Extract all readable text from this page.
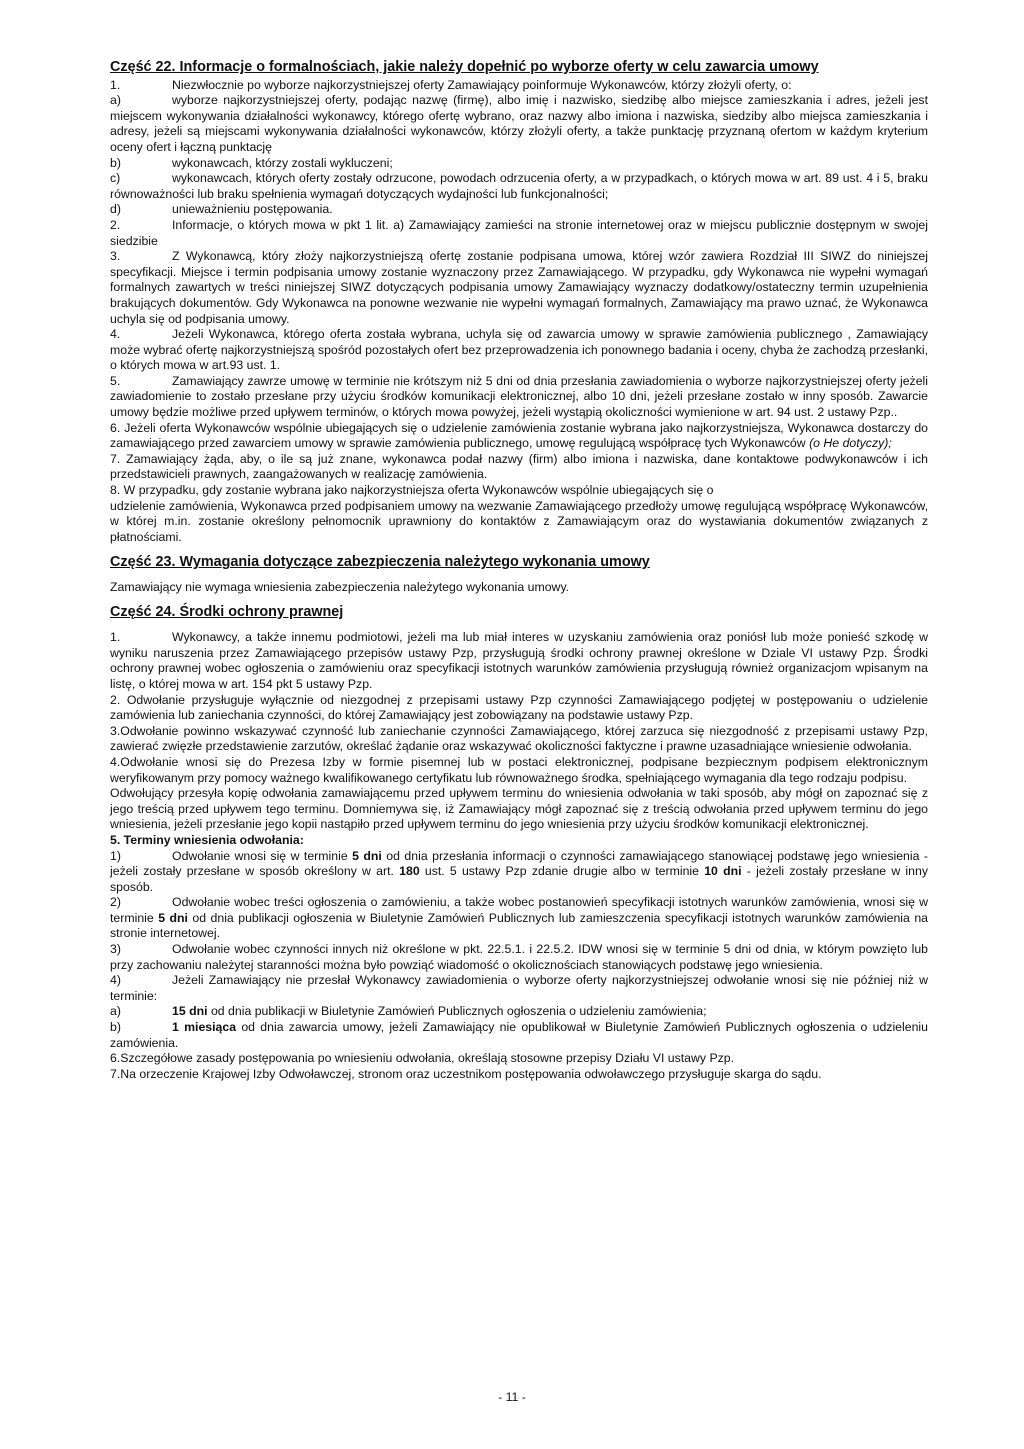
Część 22. Informacje o formalnościach, jakie należy dopełnić po wyborze oferty w celu zawarcia umowy
1.	Niezwłocznie po wyborze najkorzystniejszej oferty Zamawiający poinformuje Wykonawców, którzy złożyli oferty, o:

a)	wyborze najkorzystniejszej oferty, podając nazwę (firmę), albo imię i nazwisko, siedzibę albo miejsce zamieszkania i adres, jeżeli jest miejscem wykonywania działalności wykonawcy, którego ofertę wybrano, oraz nazwy albo imiona i nazwiska, siedziby albo miejsca zamieszkania i adresy, jeżeli są miejscami wykonywania działalności wykonawców, którzy złożyli oferty, a także punktację przyznaną ofertom w każdym kryterium oceny ofert i łączną punktację

b)	wykonawcach, którzy zostali wykluczeni;

c)	wykonawcach, których oferty zostały odrzucone, powodach odrzucenia oferty, a w przypadkach, o których mowa w art. 89 ust. 4 i 5, braku równoważności lub braku spełnienia wymagań dotyczących wydajności lub funkcjonalności;

d)	unieważnieniu postępowania.

2.	Informacje, o których mowa w pkt 1 lit. a) Zamawiający zamieści na stronie internetowej oraz w miejscu publicznie dostępnym w swojej siedzibie

3.	Z Wykonawcą, który złoży najkorzystniejszą ofertę zostanie podpisana umowa, której wzór zawiera Rozdział III SIWZ do niniejszej specyfikacji. Miejsce i termin podpisania umowy zostanie wyznaczony przez Zamawiającego. W przypadku, gdy Wykonawca nie wypełni wymagań formalnych zawartych w treści niniejszej SIWZ dotyczących podpisania umowy Zamawiający wyznaczy dodatkowy/ostateczny termin uzupełnienia brakujących dokumentów. Gdy Wykonawca na ponowne wezwanie nie wypełni wymagań formalnych, Zamawiający ma prawo uznać, że Wykonawca uchyla się od podpisania umowy.

4.	Jeżeli Wykonawca, którego oferta została wybrana, uchyla się od zawarcia umowy w sprawie zamówienia publicznego , Zamawiający może wybrać ofertę najkorzystniejszą spośród pozostałych ofert bez przeprowadzenia ich ponownego badania i oceny, chyba że zachodzą przesłanki, o których mowa w art.93 ust. 1.

5.	Zamawiający zawrze umowę w terminie nie krótszym niż 5 dni od dnia przesłania zawiadomienia o wyborze najkorzystniejszej oferty jeżeli zawiadomienie to zostało przesłane przy użyciu środków komunikacji elektronicznej, albo 10 dni, jeżeli przesłane zostało w inny sposób. Zawarcie umowy będzie możliwe przed upływem terminów, o których mowa powyżej, jeżeli wystąpią okoliczności wymienione w art. 94 ust. 2 ustawy Pzp..

6. Jeżeli oferta Wykonawców wspólnie ubiegających się o udzielenie zamówienia zostanie wybrana jako najkorzystniejsza, Wykonawca dostarczy do zamawiającego przed zawarciem umowy w sprawie zamówienia publicznego, umowę regulującą współpracę tych Wykonawców (o He dotyczy);

7. Zamawiający żąda, aby, o ile są już znane, wykonawca podał nazwy (firm) albo imiona i nazwiska, dane kontaktowe podwykonawców i ich przedstawicieli prawnych, zaangażowanych w realizację zamówienia.

8. W przypadku, gdy zostanie wybrana jako najkorzystniejsza oferta Wykonawców wspólnie ubiegających się o

udzielenie zamówienia, Wykonawca przed podpisaniem umowy na wezwanie Zamawiającego przedłoży umowę regulującą współpracę Wykonawców, w której m.in. zostanie określony pełnomocnik uprawniony do kontaktów z Zamawiającym oraz do wystawiania dokumentów związanych z płatnościami.

Część 23. Wymagania dotyczące zabezpieczenia należytego wykonania umowy

Zamawiający nie wymaga wniesienia zabezpieczenia należytego wykonania umowy.

Część 24. Środki ochrony prawnej

1.	Wykonawcy, a także innemu podmiotowi, jeżeli ma lub miał interes w uzyskaniu zamówienia oraz poniósł lub może ponieść szkodę w wyniku naruszenia przez Zamawiającego przepisów ustawy Pzp, przysługują środki ochrony prawnej określone w Dziale VI ustawy Pzp. Środki ochrony prawnej wobec ogłoszenia o zamówieniu oraz specyfikacji istotnych warunków zamówienia przysługują również organizacjom wpisanym na listę, o której mowa w art. 154 pkt 5 ustawy Pzp.

2. Odwołanie przysługuje wyłącznie od niezgodnej z przepisami ustawy Pzp czynności Zamawiającego podjętej w postępowaniu o udzielenie zamówienia lub zaniechania czynności, do której Zamawiający jest zobowiązany na podstawie ustawy Pzp.

3.Odwołanie powinno wskazywać czynność lub zaniechanie czynności Zamawiającego, której zarzuca się niezgodność z przepisami ustawy Pzp, zawierać zwięzłe przedstawienie zarzutów, określać żądanie oraz wskazywać okoliczności faktyczne i prawne uzasadniające wniesienie odwołania.

4.Odwołanie wnosi się do Prezesa Izby w formie pisemnej lub w postaci elektronicznej, podpisane bezpiecznym podpisem elektronicznym weryfikowanym przy pomocy ważnego kwalifikowanego certyfikatu lub równoważnego środka, spełniającego wymagania dla tego rodzaju podpisu.

Odwołujący przesyła kopię odwołania zamawiającemu przed upływem terminu do wniesienia odwołania w taki sposób, aby mógł on zapoznać się z jego treścią przed upływem tego terminu. Domniemywa się, iż Zamawiający mógł zapoznać się z treścią odwołania przed upływem terminu do jego wniesienia, jeżeli przesłanie jego kopii nastąpiło przed upływem terminu do jego wniesienia przy użyciu środków komunikacji elektronicznej.

5. Terminy wniesienia odwołania:

1)	Odwołanie wnosi się w terminie 5 dni od dnia przesłania informacji o czynności zamawiającego stanowiącej podstawę jego wniesienia - jeżeli zostały przesłane w sposób określony w art. 180 ust. 5 ustawy Pzp zdanie drugie albo w terminie 10 dni - jeżeli zostały przesłane w inny sposób.

2)	Odwołanie wobec treści ogłoszenia o zamówieniu, a także wobec postanowień specyfikacji istotnych warunków zamówienia, wnosi się w terminie 5 dni od dnia publikacji ogłoszenia w Biuletynie Zamówień Publicznych lub zamieszczenia specyfikacji istotnych warunków zamówienia na stronie internetowej.

3)	Odwołanie wobec czynności innych niż określone w pkt. 22.5.1. i 22.5.2. IDW wnosi się w terminie 5 dni od dnia, w którym powzięto lub przy zachowaniu należytej staranności można było powziąć wiadomość o okolicznościach stanowiących podstawę jego wniesienia.

4)	Jeżeli Zamawiający nie przesłał Wykonawcy zawiadomienia o wyborze oferty najkorzystniejszej odwołanie wnosi się nie później niż w terminie:

a)	15 dni od dnia publikacji w Biuletynie Zamówień Publicznych ogłoszenia o udzieleniu zamówienia;

b)	1 miesiąca od dnia zawarcia umowy, jeżeli Zamawiający nie opublikował w Biuletynie Zamówień Publicznych ogłoszenia o udzieleniu zamówienia.

6.Szczegółowe zasady postępowania po wniesieniu odwołania, określają stosowne przepisy Działu VI ustawy Pzp.

7.Na orzeczenie Krajowej Izby Odwoławczej, stronom oraz uczestnikom postępowania odwoławczego przysługuje skarga do sądu.

- 11 -
